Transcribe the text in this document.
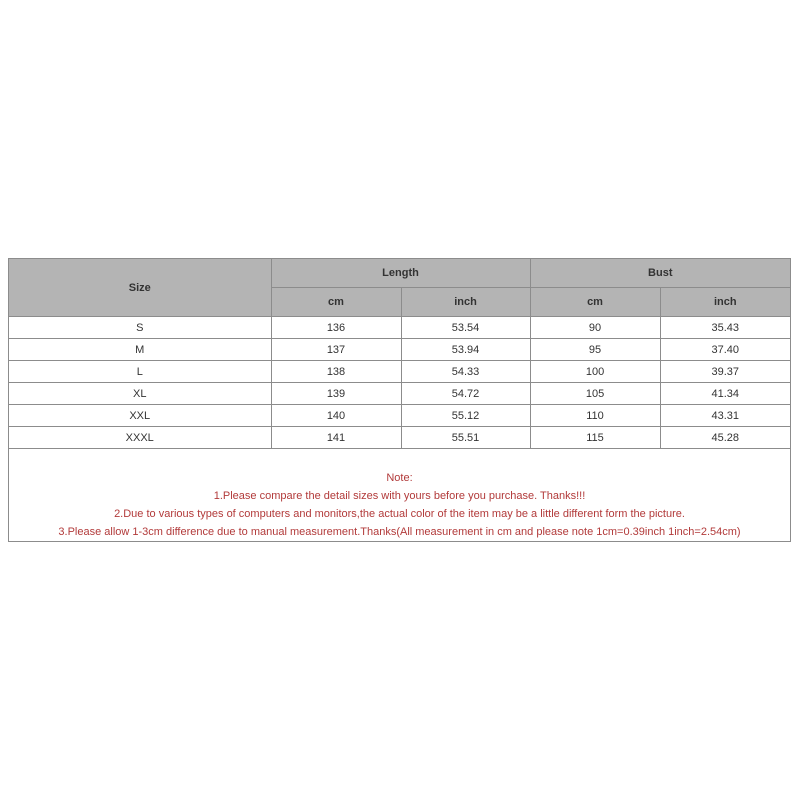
Size	Length		Bust	
	cm	inch	cm	inch
S	136	53.54	90	35.43
M	137	53.94	95	37.40
L	138	54.33	100	39.37
XL	139	54.72	105	41.34
XXL	140	55.12	110	43.31
XXXL	141	55.51	115	45.28
Note:
1.Please compare the detail sizes with yours before you purchase. Thanks!!!
2.Due to various types of computers and monitors,the actual color of the item may be a little different form the picture.
3.Please allow 1-3cm difference due to manual measurement.Thanks(All measurement in cm and please note 1cm=0.39inch 1inch=2.54cm)
